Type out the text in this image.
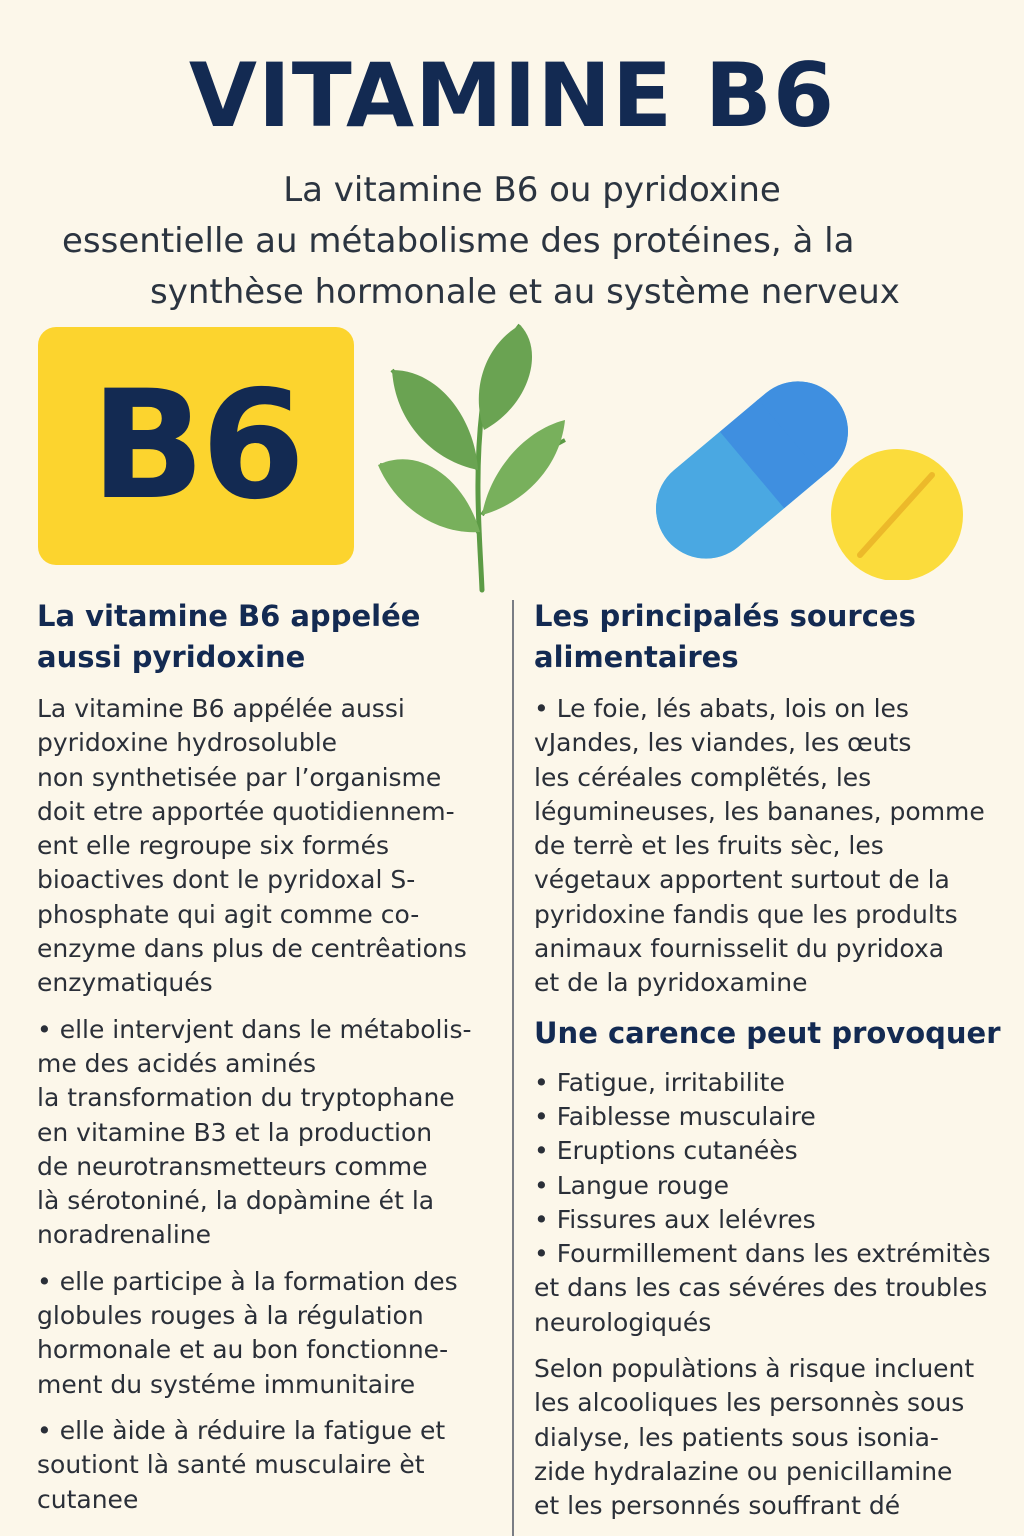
VITAMINE B6
La vitamine B6 ou pyridoxine
essentielle au métabolisme des protéines, à la
synthèse hormonale et au système nerveux
B6
La vitamine B6 appelée
aussi pyridoxine
La vitamine B6 appélée aussi
pyridoxine hydrosoluble
non synthetisée par l’organisme
doit etre apportée quotidiennem-
ent elle regroupe six formés
bioactives dont le pyridoxal S-
phosphate qui agit comme co-
enzyme dans plus de centrêations
enzymatiqués
• elle intervjent dans le métabolis-
me des acidés aminés
la transformation du tryptophane
en vitamine B3 et la production
de neurotransmetteurs comme
là sérotoniné, la dopàmine ét la
noradrenaline
• elle participe à la formation des
globules rouges à la régulation
hormonale et au bon fonctionne-
ment du systéme immunitaire
• elle àide à réduire la fatigue et
soutiont là santé musculaire èt
cutanee
Les principalés sources
alimentaires
• Le foie, lés abats, lois on les
vJandes, les viandes, les œuts
les céréales complẽtés, les
légumineuses, les bananes, pomme
de terrè et les fruits sèc, les
végetaux apportent surtout de la
pyridoxine fandis que les prodults
animaux fournisselit du pyridoxa
et de la pyridoxamine
Une carence peut provoquer
• Fatigue, irritabilite
• Faiblesse musculaire
• Eruptions cutanéès
• Langue rouge
• Fissures aux lelévres
• Fourmillement dans les extrémitès
et dans les cas sévéres des troubles
neurologiqués
Selon populàtions à risque incluent
les alcooliques les personnès sous
dialyse, les patients sous isonia-
zide hydralazine ou penicillamine
et les personnés souffrant dé
